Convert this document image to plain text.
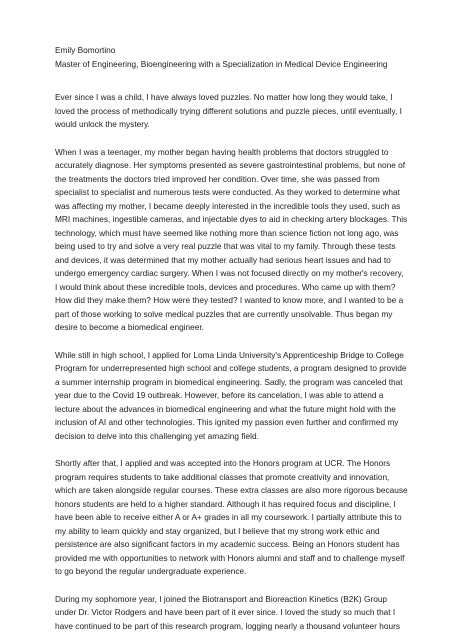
Emily Bomortino
Master of Engineering, Bioengineering with a Specialization in Medical Device Engineering
Ever since I was a child, I have always loved puzzles. No matter how long they would take, I
loved the process of methodically trying different solutions and puzzle pieces, until eventually, I
would unlock the mystery.
When I was a teenager, my mother began having health problems that doctors struggled to
accurately diagnose. Her symptoms presented as severe gastrointestinal problems, but none of
the treatments the doctors tried improved her condition. Over time, she was passed from
specialist to specialist and numerous tests were conducted. As they worked to determine what
was affecting my mother, I became deeply interested in the incredible tools they used, such as
MRI machines, ingestible cameras, and injectable dyes to aid in checking artery blockages. This
technology, which must have seemed like nothing more than science fiction not long ago, was
being used to try and solve a very real puzzle that was vital to my family. Through these tests
and devices, it was determined that my mother actually had serious heart issues and had to
undergo emergency cardiac surgery. When I was not focused directly on my mother's recovery,
I would think about these incredible tools, devices and procedures. Who came up with them?
How did they make them? How were they tested? I wanted to know more, and I wanted to be a
part of those working to solve medical puzzles that are currently unsolvable. Thus began my
desire to become a biomedical engineer.
While still in high school, I applied for Loma Linda University's Apprenticeship Bridge to College
Program for underrepresented high school and college students, a program designed to provide
a summer internship program in biomedical engineering. Sadly, the program was canceled that
year due to the Covid 19 outbreak. However, before its cancelation, I was able to attend a
lecture about the advances in biomedical engineering and what the future might hold with the
inclusion of AI and other technologies. This ignited my passion even further and confirmed my
decision to delve into this challenging yet amazing field.
Shortly after that, I applied and was accepted into the Honors program at UCR. The Honors
program requires students to take additional classes that promote creativity and innovation,
which are taken alongside regular courses. These extra classes are also more rigorous because
honors students are held to a higher standard. Although it has required focus and discipline, I
have been able to receive either A or A+ grades in all my coursework. I partially attribute this to
my ability to learn quickly and stay organized, but I believe that my strong work ethic and
persistence are also significant factors in my academic success. Being an Honors student has
provided me with opportunities to network with Honors alumni and staff and to challenge myself
to go beyond the regular undergraduate experience.
During my sophomore year, I joined the Biotransport and Bioreaction Kinetics (B2K) Group
under Dr. Victor Rodgers and have been part of it ever since. I loved the study so much that I
have continued to be part of this research program, logging nearly a thousand volunteer hours
